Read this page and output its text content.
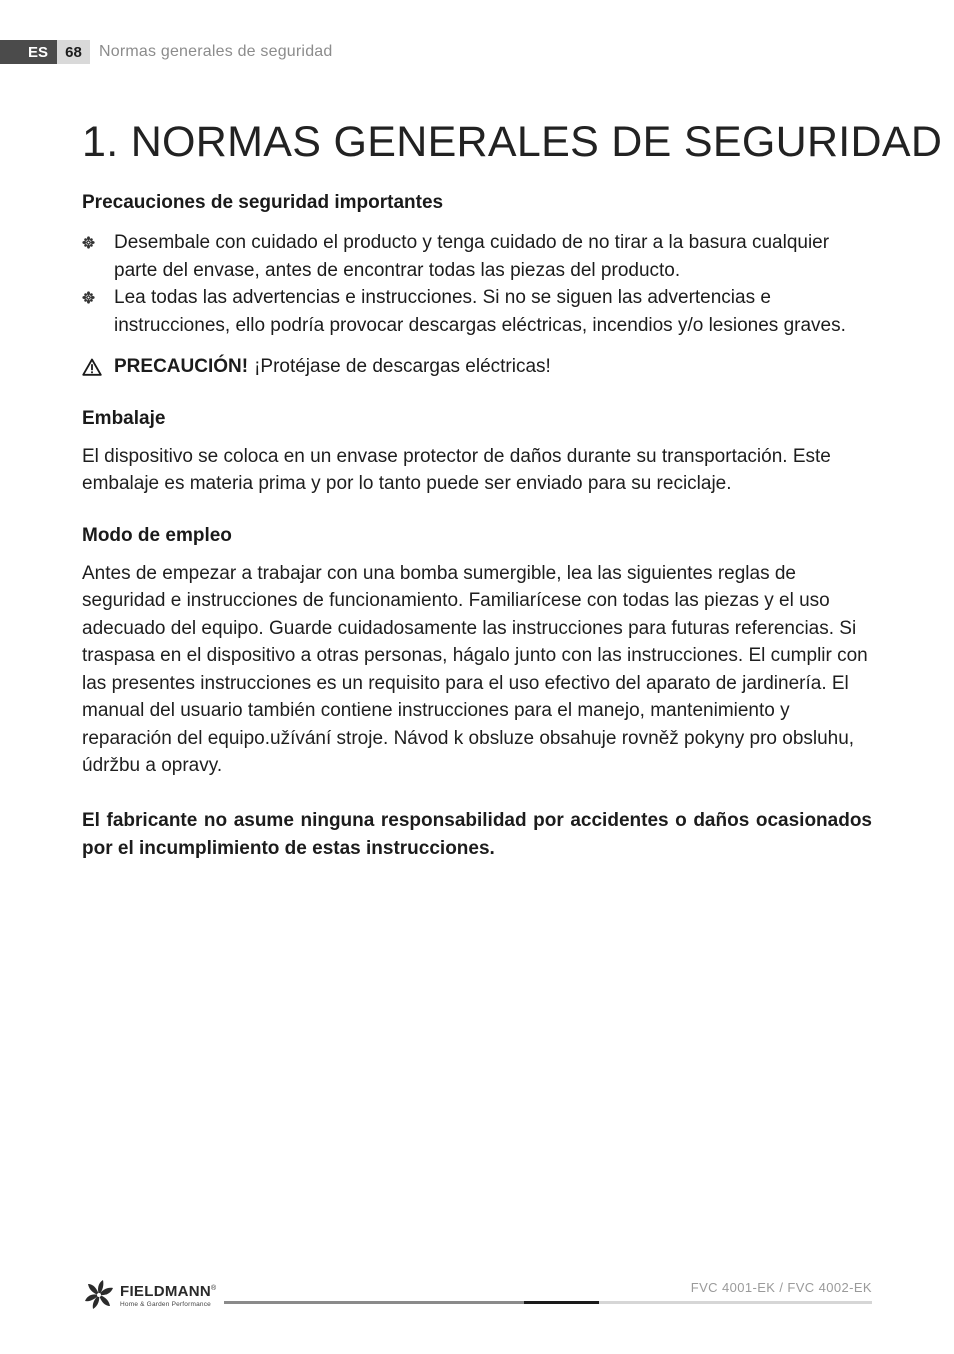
ES	68	Normas generales de seguridad
1. NORMAS GENERALES DE SEGURIDAD
Precauciones de seguridad importantes
Desembale con cuidado el producto y tenga cuidado de no tirar a la basura cualquier parte del envase, antes de encontrar todas las piezas del producto.
Lea todas las advertencias e instrucciones. Si no se siguen las advertencias e instrucciones, ello podría provocar descargas eléctricas, incendios y/o lesiones graves.
PRECAUCIÓN! ¡Protéjase de descargas eléctricas!
Embalaje

El dispositivo se coloca en un envase protector de daños durante su transportación. Este embalaje es materia prima y por lo tanto puede ser enviado para su reciclaje.

Modo de empleo

Antes de empezar a trabajar con una bomba sumergible, lea las siguientes reglas de seguridad e instrucciones de funcionamiento. Familiarícese con todas las piezas y el uso adecuado del equipo. Guarde cuidadosamente las instrucciones para futuras referencias. Si traspasa en el dispositivo a otras personas, hágalo junto con las instrucciones. El cumplir con las presentes instrucciones es un requisito para el uso efectivo del aparato de jardinería. El manual del usuario también contiene instrucciones para el manejo, mantenimiento y reparación del equipo.užívání stroje. Návod k obsluze obsahuje rovněž pokyny pro obsluhu, údržbu a opravy.

El fabricante no asume ninguna responsabilidad por accidentes o daños ocasionados por el incumplimiento de estas instrucciones.

FIELDMANN®
Home & Garden Performance
FVC 4001-EK / FVC 4002-EK
